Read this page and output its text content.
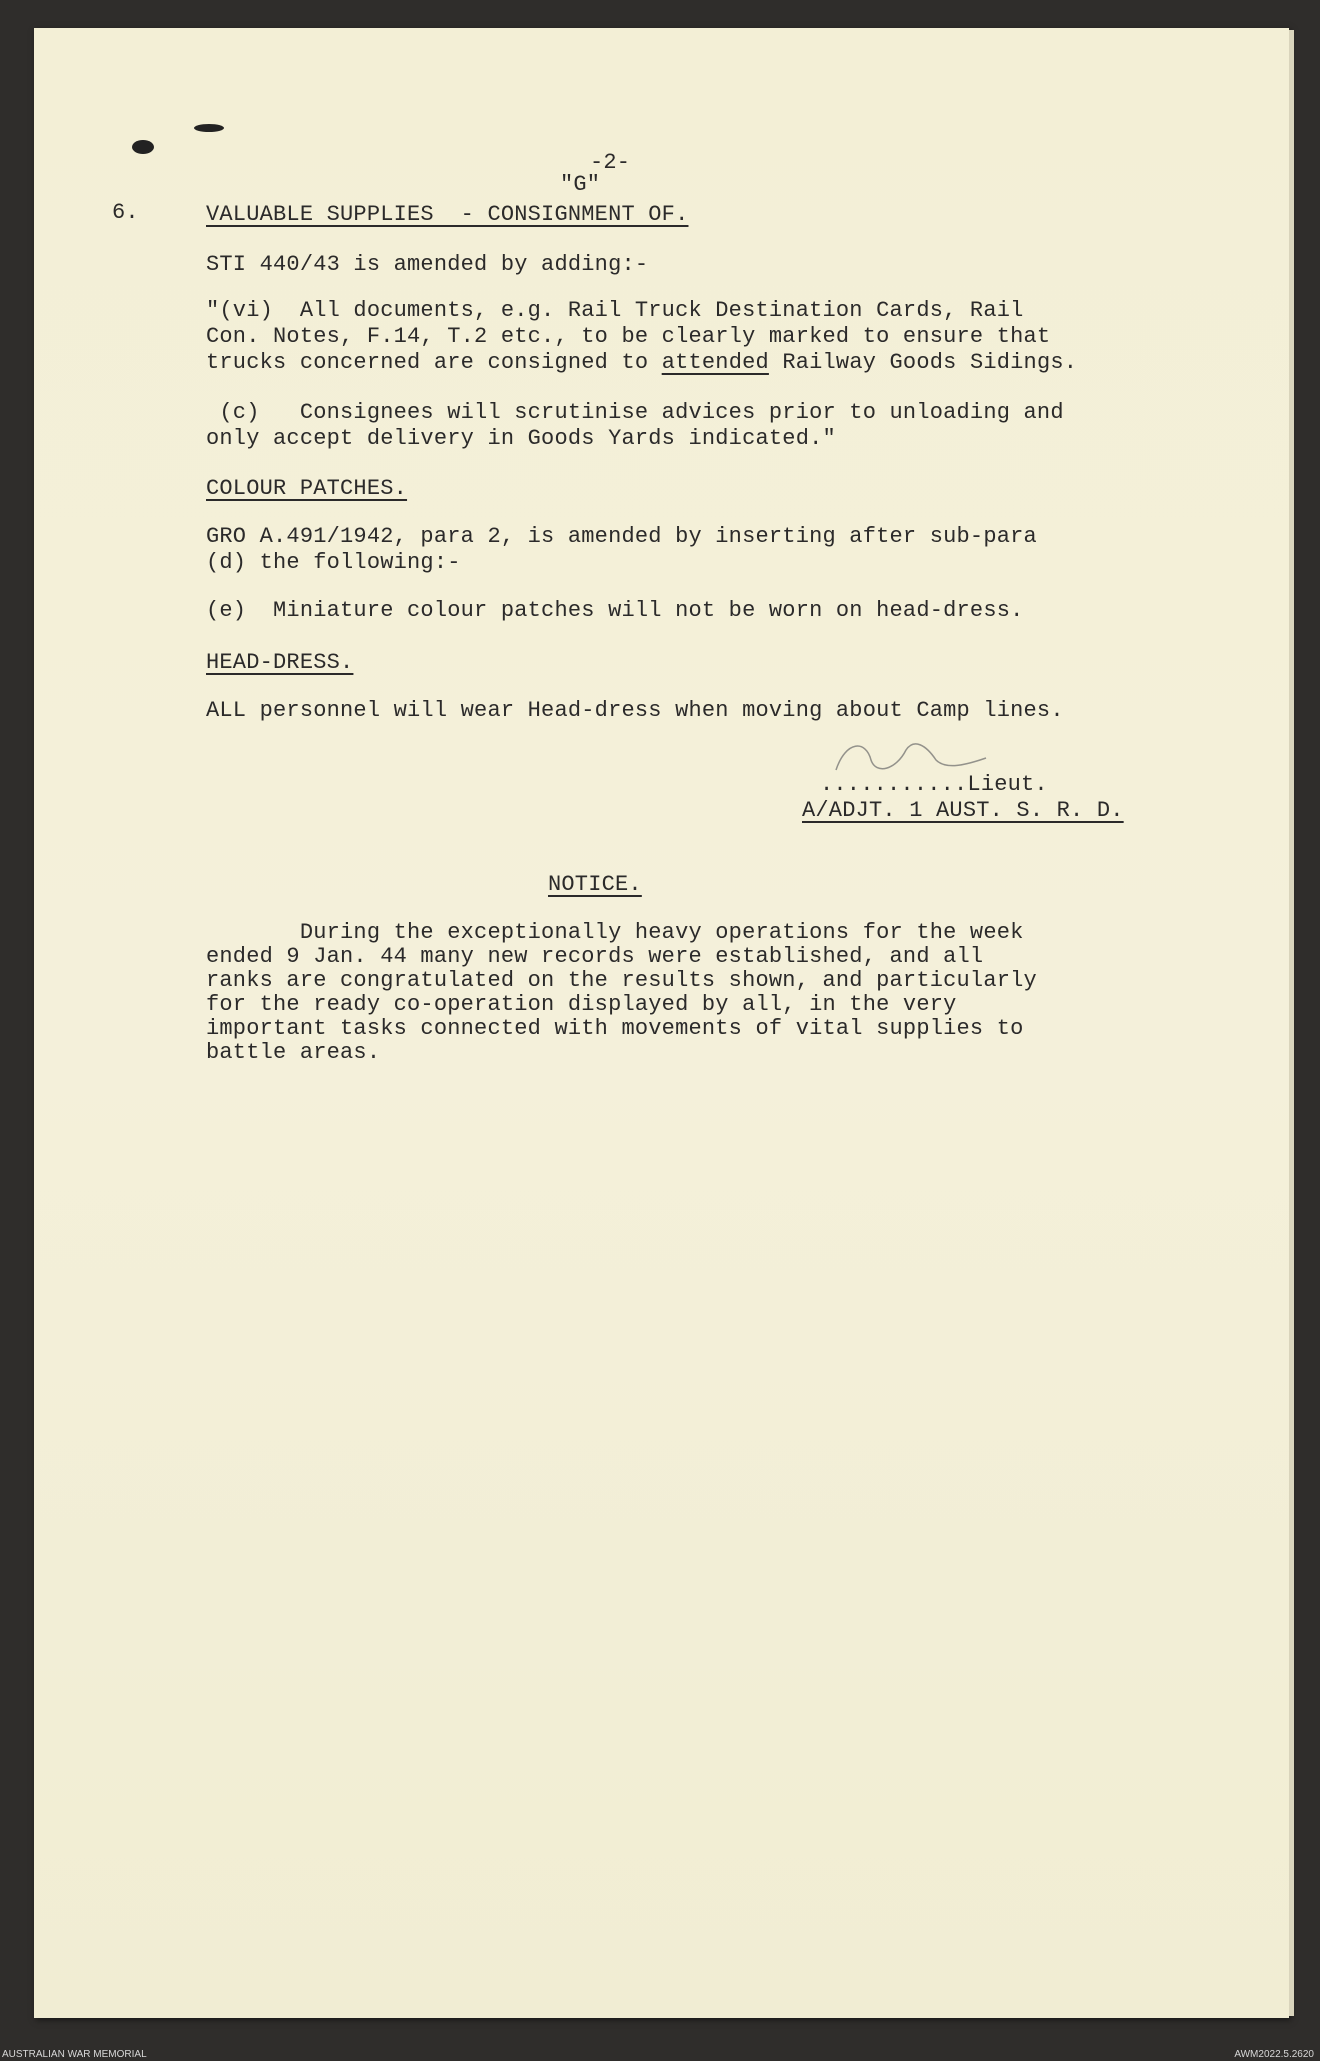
-2-
"G"
6.	VALUABLE SUPPLIES  - CONSIGNMENT OF.
STI 440/43 is amended by adding:-
"(vi)  All documents, e.g. Rail Truck Destination Cards, Rail
Con. Notes, F.14, T.2 etc., to be clearly marked to ensure that
trucks concerned are consigned to attended Railway Goods Sidings.
(c)   Consignees will scrutinise advices prior to unloading and
only accept delivery in Goods Yards indicated."
COLOUR PATCHES.
GRO A.491/1942, para 2, is amended by inserting after sub-para
(d) the following:-
(e)  Miniature colour patches will not be worn on head-dress.
HEAD-DRESS.
ALL personnel will wear Head-dress when moving about Camp lines.
...........Lieut.
A/ADJT. 1 AUST. S. R. D.
NOTICE.
During the exceptionally heavy operations for the week
ended 9 Jan. 44 many new records were established, and all
ranks are congratulated on the results shown, and particularly
for the ready co-operation displayed by all, in the very
important tasks connected with movements of vital supplies to
battle areas.
AUSTRALIAN WAR MEMORIAL	AWM2022.5.2620
